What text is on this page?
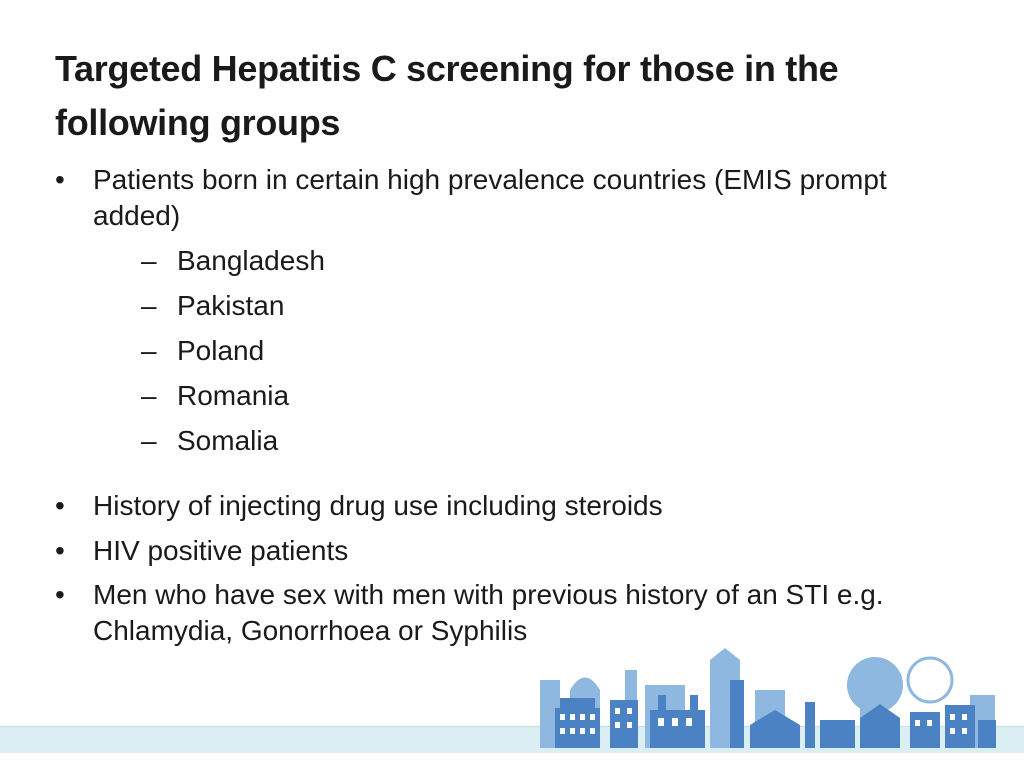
Targeted Hepatitis C screening for those in the following groups
•	Patients born in certain high prevalence countries (EMIS prompt added)
– Bangladesh
– Pakistan
– Poland
– Romania
– Somalia
•	History of injecting drug use including steroids
•	HIV positive patients
•	Men who have sex with men with previous history of an STI e.g. Chlamydia, Gonorrhoea or Syphilis
